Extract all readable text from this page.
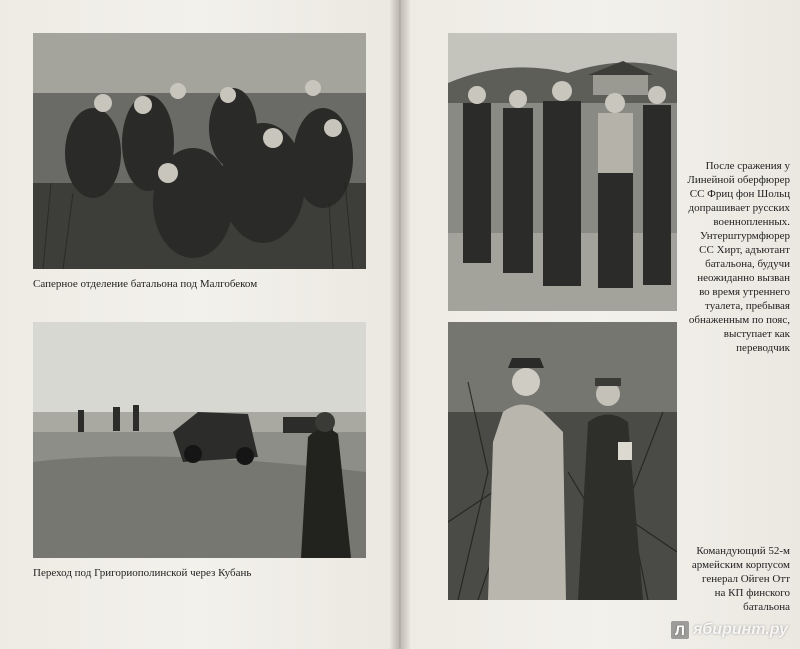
Саперное отделение батальона под Малгобеком
Переход под Григориополинской через Кубань
После сражения у
Линейной оберфюрер
СС Фриц фон Шольц
допрашивает русских
военнопленных.
Унтерштурмфюрер
СС Хирт, адъютант
батальона, будучи
неожиданно вызван
во время утреннего
туалета, пребывая
обнаженным по пояс,
выступает как
переводчик
Командующий 52-м
армейским корпусом
генерал Ойген Отт
на КП финского
батальона
Л ябиринт.ру
